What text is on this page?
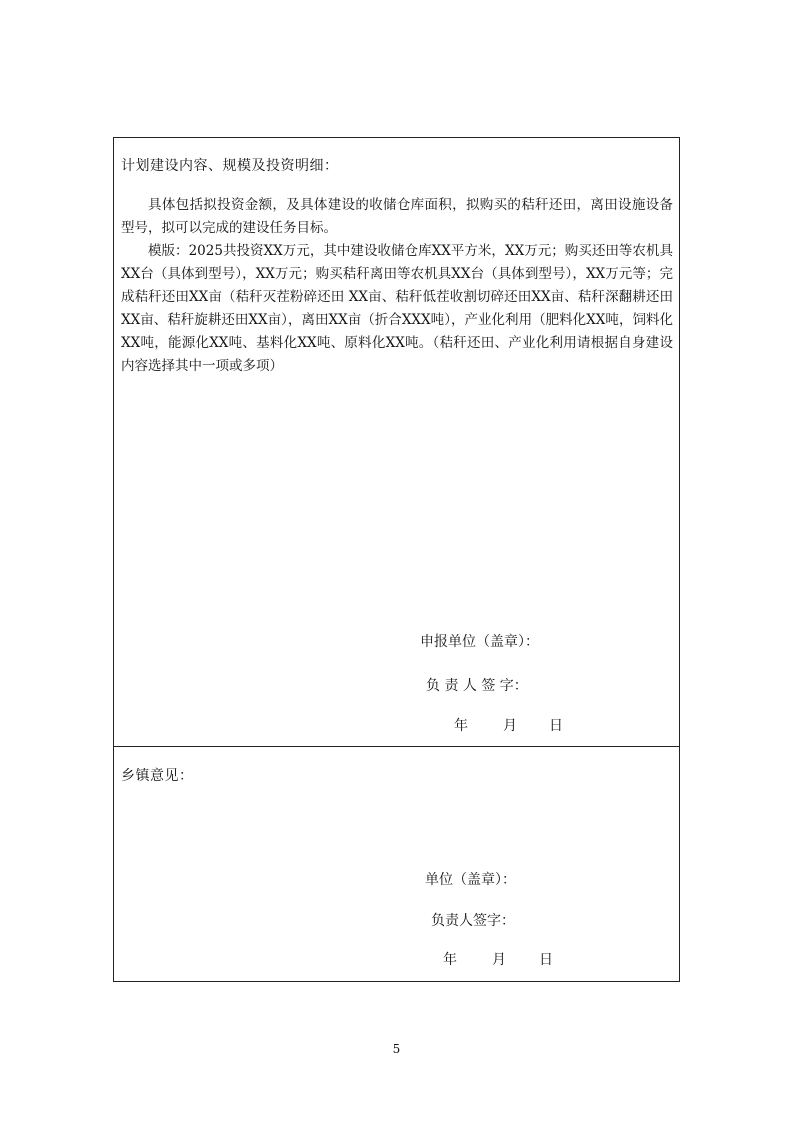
计划建设内容、规模及投资明细：

具体包括拟投资金额，及具体建设的收储仓库面积，拟购买的秸秆还田，离田设施设备型号，拟可以完成的建设任务目标。

模版：2025共投资XX万元，其中建设收储仓库XX平方米，XX万元；购买还田等农机具XX台（具体到型号），XX万元；购买秸秆离田等农机具XX台（具体到型号），XX万元等；完成秸秆还田XX亩（秸秆灭茬粉碎还田 XX亩、秸秆低茬收割切碎还田XX亩、秸秆深翻耕还田XX亩、秸秆旋耕还田XX亩），离田XX亩（折合XXX吨），产业化利用（肥料化XX吨，饲料化XX吨，能源化XX吨、基料化XX吨、原料化XX吨。（秸秆还田、产业化利用请根据自身建设内容选择其中一项或多项）

申报单位（盖章）：
负 责 人 签 字：
年	月 日
乡镇意见：
单位（盖章）：
负责人签字：
年	月 日
5
